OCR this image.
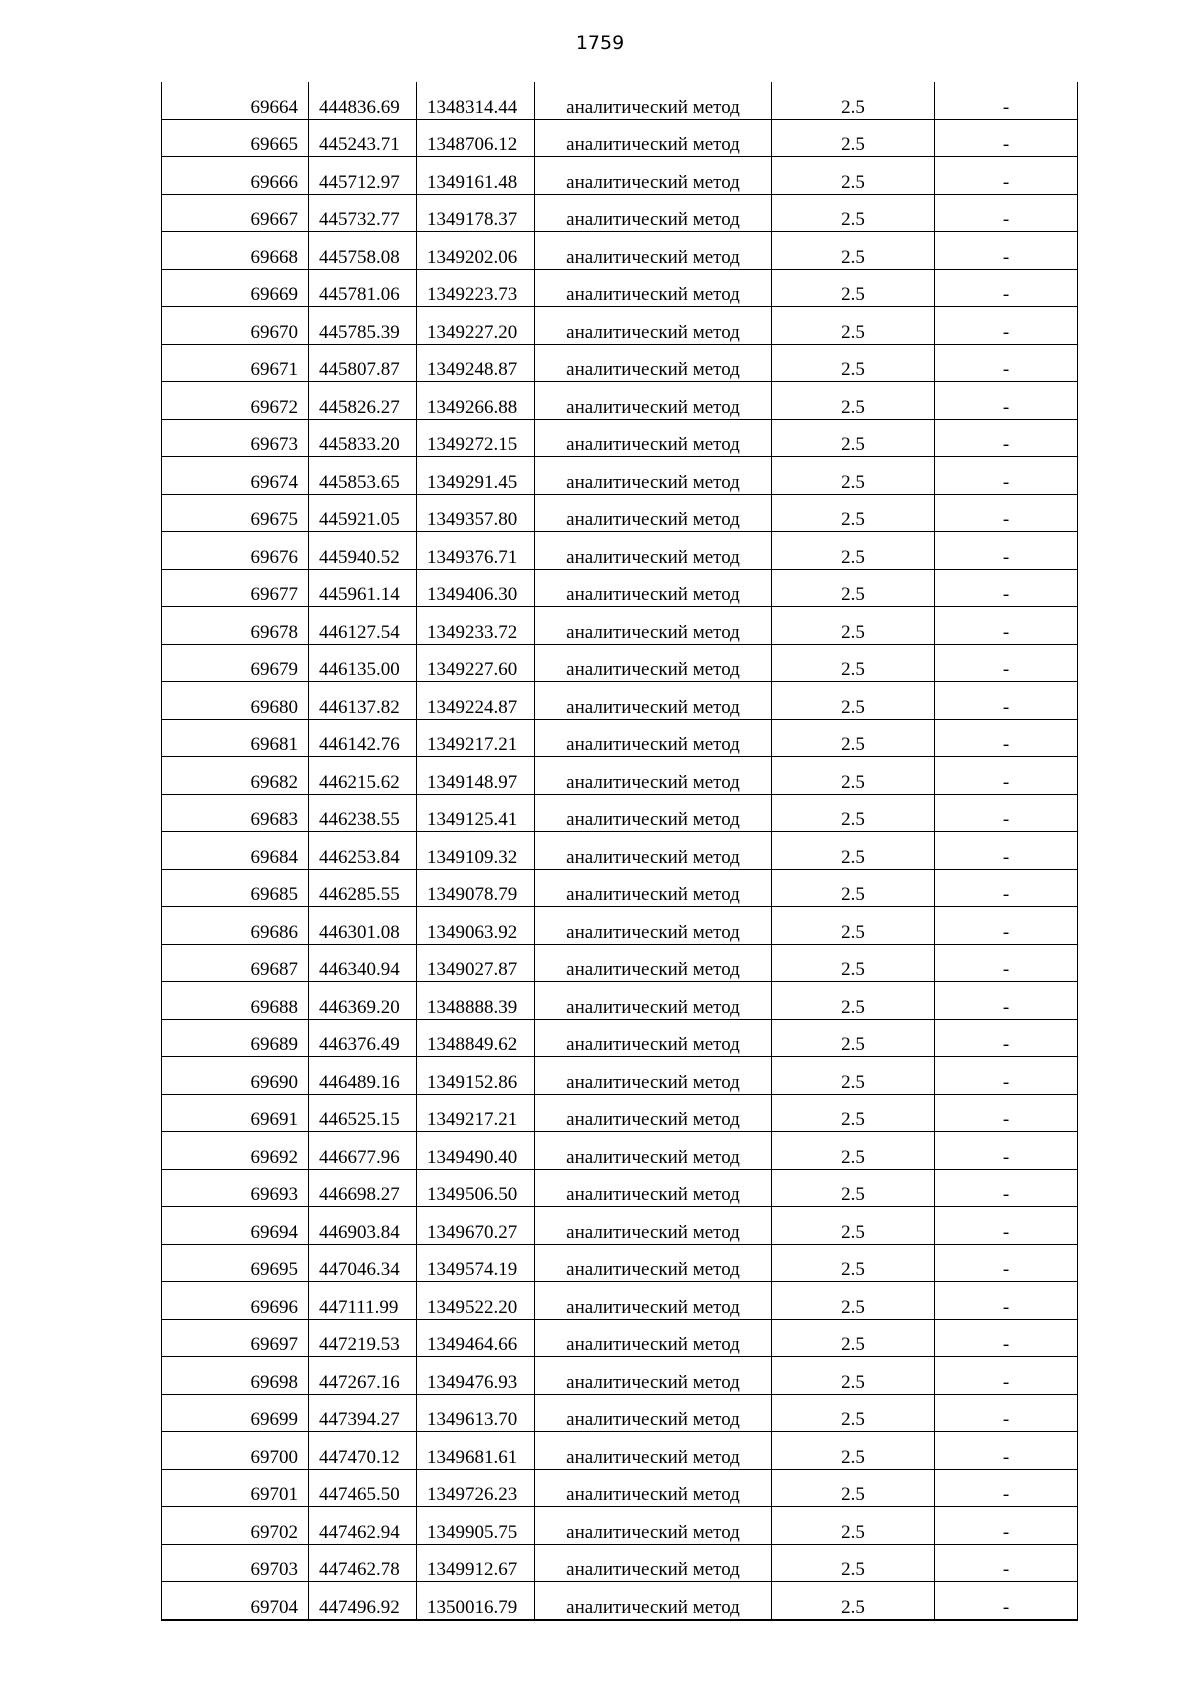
1759
69664	444836.69	1348314.44	аналитический метод	2.5	-
69665	445243.71	1348706.12	аналитический метод	2.5	-
69666	445712.97	1349161.48	аналитический метод	2.5	-
69667	445732.77	1349178.37	аналитический метод	2.5	-
69668	445758.08	1349202.06	аналитический метод	2.5	-
69669	445781.06	1349223.73	аналитический метод	2.5	-
69670	445785.39	1349227.20	аналитический метод	2.5	-
69671	445807.87	1349248.87	аналитический метод	2.5	-
69672	445826.27	1349266.88	аналитический метод	2.5	-
69673	445833.20	1349272.15	аналитический метод	2.5	-
69674	445853.65	1349291.45	аналитический метод	2.5	-
69675	445921.05	1349357.80	аналитический метод	2.5	-
69676	445940.52	1349376.71	аналитический метод	2.5	-
69677	445961.14	1349406.30	аналитический метод	2.5	-
69678	446127.54	1349233.72	аналитический метод	2.5	-
69679	446135.00	1349227.60	аналитический метод	2.5	-
69680	446137.82	1349224.87	аналитический метод	2.5	-
69681	446142.76	1349217.21	аналитический метод	2.5	-
69682	446215.62	1349148.97	аналитический метод	2.5	-
69683	446238.55	1349125.41	аналитический метод	2.5	-
69684	446253.84	1349109.32	аналитический метод	2.5	-
69685	446285.55	1349078.79	аналитический метод	2.5	-
69686	446301.08	1349063.92	аналитический метод	2.5	-
69687	446340.94	1349027.87	аналитический метод	2.5	-
69688	446369.20	1348888.39	аналитический метод	2.5	-
69689	446376.49	1348849.62	аналитический метод	2.5	-
69690	446489.16	1349152.86	аналитический метод	2.5	-
69691	446525.15	1349217.21	аналитический метод	2.5	-
69692	446677.96	1349490.40	аналитический метод	2.5	-
69693	446698.27	1349506.50	аналитический метод	2.5	-
69694	446903.84	1349670.27	аналитический метод	2.5	-
69695	447046.34	1349574.19	аналитический метод	2.5	-
69696	447111.99	1349522.20	аналитический метод	2.5	-
69697	447219.53	1349464.66	аналитический метод	2.5	-
69698	447267.16	1349476.93	аналитический метод	2.5	-
69699	447394.27	1349613.70	аналитический метод	2.5	-
69700	447470.12	1349681.61	аналитический метод	2.5	-
69701	447465.50	1349726.23	аналитический метод	2.5	-
69702	447462.94	1349905.75	аналитический метод	2.5	-
69703	447462.78	1349912.67	аналитический метод	2.5	-
69704	447496.92	1350016.79	аналитический метод	2.5	-
